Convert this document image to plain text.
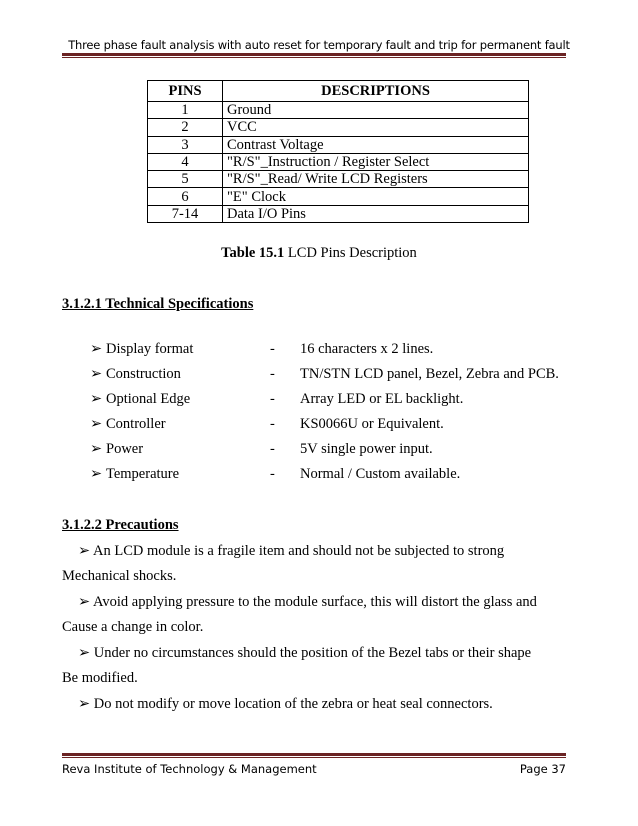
Three phase fault analysis with auto reset for temporary fault and trip for permanent fault
PINS	DESCRIPTIONS
1	Ground
2	VCC
3	Contrast Voltage
4	"R/S"_Instruction / Register Select
5	"R/S"_Read/ Write LCD Registers
6	"E" Clock
7-14	Data I/O Pins
Table 15.1 LCD Pins Description
3.1.2.1 Technical Specifications
➢ Display format	- 16 characters x 2 lines.
➢ Construction	- TN/STN LCD panel, Bezel, Zebra and PCB.
➢ Optional Edge	- Array LED or EL backlight.
➢ Controller	- KS0066U or Equivalent.
➢ Power	- 5V single power input.
➢ Temperature	- Normal / Custom available.
3.1.2.2 Precautions
➢ An LCD module is a fragile item and should not be subjected to strong
Mechanical shocks.
➢ Avoid applying pressure to the module surface, this will distort the glass and
Cause a change in color.
➢ Under no circumstances should the position of the Bezel tabs or their shape
Be modified.
➢ Do not modify or move location of the zebra or heat seal connectors.
Reva Institute of Technology & Management	Page 37
